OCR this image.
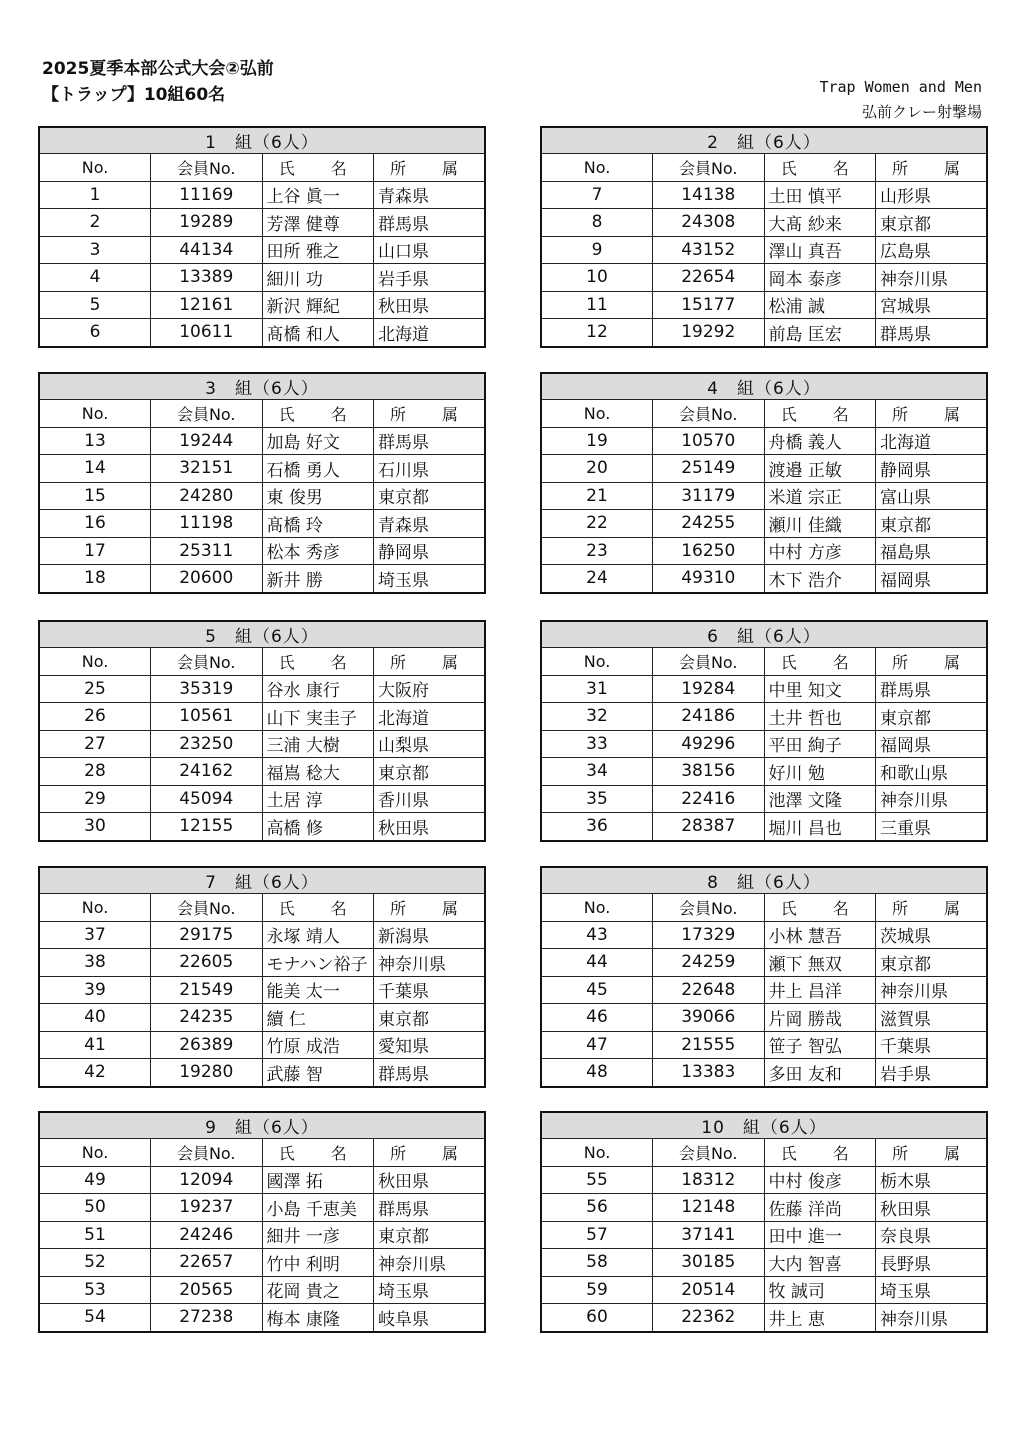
2025夏季本部公式大会②弘前
【トラップ】10組60名	Trap Women and Men
弘前クレー射撃場
1　組（6人）			
No.	会員No.	氏　名	所　属
1	11169	上谷 眞一	青森県
2	19289	芳澤 健尊	群馬県
3	44134	田所 雅之	山口県
4	13389	細川 功	岩手県
5	12161	新沢 輝紀	秋田県
6	10611	髙橋 和人	北海道
2　組（6人）			
No.	会員No.	氏　名	所　属
7	14138	土田 慎平	山形県
8	24308	大髙 紗来	東京都
9	43152	澤山 真吾	広島県
10	22654	岡本 泰彦	神奈川県
11	15177	松浦 誠	宮城県
12	19292	前島 匡宏	群馬県
3　組（6人）			
No.	会員No.	氏　名	所　属
13	19244	加島 好文	群馬県
14	32151	石橋 勇人	石川県
15	24280	東 俊男	東京都
16	11198	髙橋 玲	青森県
17	25311	松本 秀彦	静岡県
18	20600	新井 勝	埼玉県
4　組（6人）			
No.	会員No.	氏　名	所　属
19	10570	舟橋 義人	北海道
20	25149	渡邉 正敏	静岡県
21	31179	米道 宗正	富山県
22	24255	瀬川 佳織	東京都
23	16250	中村 方彦	福島県
24	49310	木下 浩介	福岡県
5　組（6人）			
No.	会員No.	氏　名	所　属
25	35319	谷水 康行	大阪府
26	10561	山下 実圭子	北海道
27	23250	三浦 大樹	山梨県
28	24162	福嶌 稔大	東京都
29	45094	土居 淳	香川県
30	12155	高橋 修	秋田県
6　組（6人）			
No.	会員No.	氏　名	所　属
31	19284	中里 知文	群馬県
32	24186	土井 哲也	東京都
33	49296	平田 絢子	福岡県
34	38156	好川 勉	和歌山県
35	22416	池澤 文隆	神奈川県
36	28387	堀川 昌也	三重県
7　組（6人）			
No.	会員No.	氏　名	所　属
37	29175	永塚 靖人	新潟県
38	22605	モナハン裕子	神奈川県
39	21549	能美 太一	千葉県
40	24235	續 仁	東京都
41	26389	竹原 成浩	愛知県
42	19280	武藤 智	群馬県
8　組（6人）			
No.	会員No.	氏　名	所　属
43	17329	小林 慧吾	茨城県
44	24259	瀬下 無双	東京都
45	22648	井上 昌洋	神奈川県
46	39066	片岡 勝哉	滋賀県
47	21555	笹子 智弘	千葉県
48	13383	多田 友和	岩手県
9　組（6人）			
No.	会員No.	氏　名	所　属
49	12094	國澤 拓	秋田県
50	19237	小島 千恵美	群馬県
51	24246	細井 一彦	東京都
52	22657	竹中 利明	神奈川県
53	20565	花岡 貴之	埼玉県
54	27238	梅本 康隆	岐阜県
10　組（6人）			
No.	会員No.	氏　名	所　属
55	18312	中村 俊彦	栃木県
56	12148	佐藤 洋尚	秋田県
57	37141	田中 進一	奈良県
58	30185	大内 智喜	長野県
59	20514	牧 誠司	埼玉県
60	22362	井上 恵	神奈川県
